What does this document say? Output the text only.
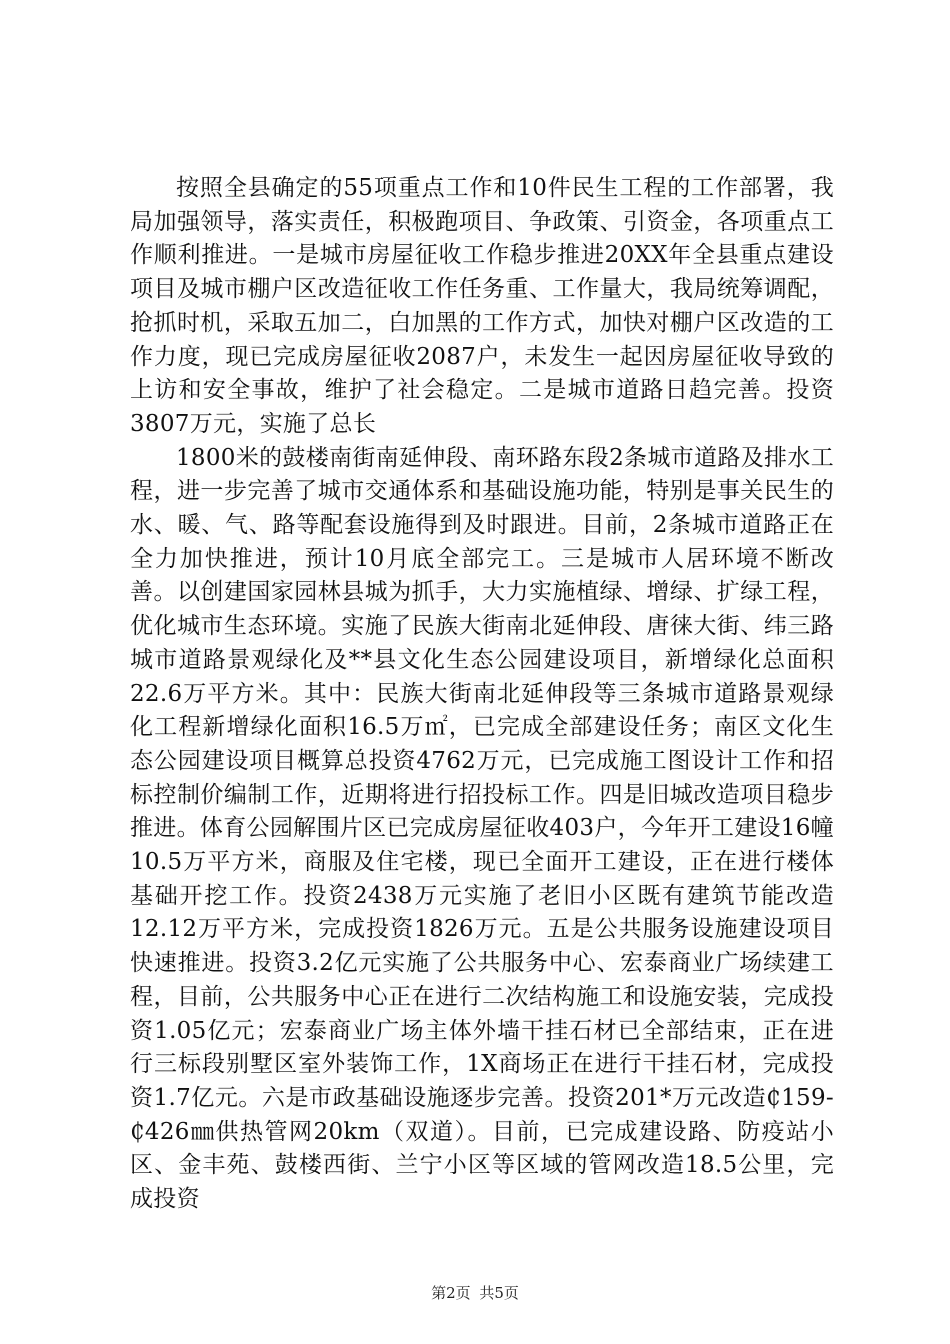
按照全县确定的55项重点工作和10件民生工程的工作部署，我局加强领导，落实责任，积极跑项目、争政策、引资金，各项重点工作顺利推进。一是城市房屋征收工作稳步推进20XX年全县重点建设项目及城市棚户区改造征收工作任务重、工作量大，我局统筹调配，抢抓时机，采取五加二，白加黑的工作方式，加快对棚户区改造的工作力度，现已完成房屋征收2087户，未发生一起因房屋征收导致的上访和安全事故，维护了社会稳定。二是城市道路日趋完善。投资3807万元，实施了总长

1800米的鼓楼南街南延伸段、南环路东段2条城市道路及排水工程，进一步完善了城市交通体系和基础设施功能，特别是事关民生的水、暖、气、路等配套设施得到及时跟进。目前，2条城市道路正在全力加快推进，预计10月底全部完工。三是城市人居环境不断改善。以创建国家园林县城为抓手，大力实施植绿、增绿、扩绿工程，优化城市生态环境。实施了民族大街南北延伸段、唐徕大街、纬三路城市道路景观绿化及**县文化生态公园建设项目，新增绿化总面积22.6万平方米。其中：民族大街南北延伸段等三条城市道路景观绿化工程新增绿化面积16.5万㎡，已完成全部建设任务；南区文化生态公园建设项目概算总投资4762万元，已完成施工图设计工作和招标控制价编制工作，近期将进行招投标工作。四是旧城改造项目稳步推进。体育公园解围片区已完成房屋征收403户，今年开工建设16幢10.5万平方米，商服及住宅楼，现已全面开工建设，正在进行楼体基础开挖工作。投资2438万元实施了老旧小区既有建筑节能改造12.12万平方米，完成投资1826万元。五是公共服务设施建设项目快速推进。投资3.2亿元实施了公共服务中心、宏泰商业广场续建工程，目前，公共服务中心正在进行二次结构施工和设施安装，完成投资1.05亿元；宏泰商业广场主体外墙干挂石材已全部结束，正在进行三标段别墅区室外装饰工作，1X商场正在进行干挂石材，完成投资1.7亿元。六是市政基础设施逐步完善。投资201*万元改造₵159-₵426㎜供热管网20km（双道）。目前，已完成建设路、防疫站小区、金丰苑、鼓楼西街、兰宁小区等区域的管网改造18.5公里，完成投资

第2页 共5页
